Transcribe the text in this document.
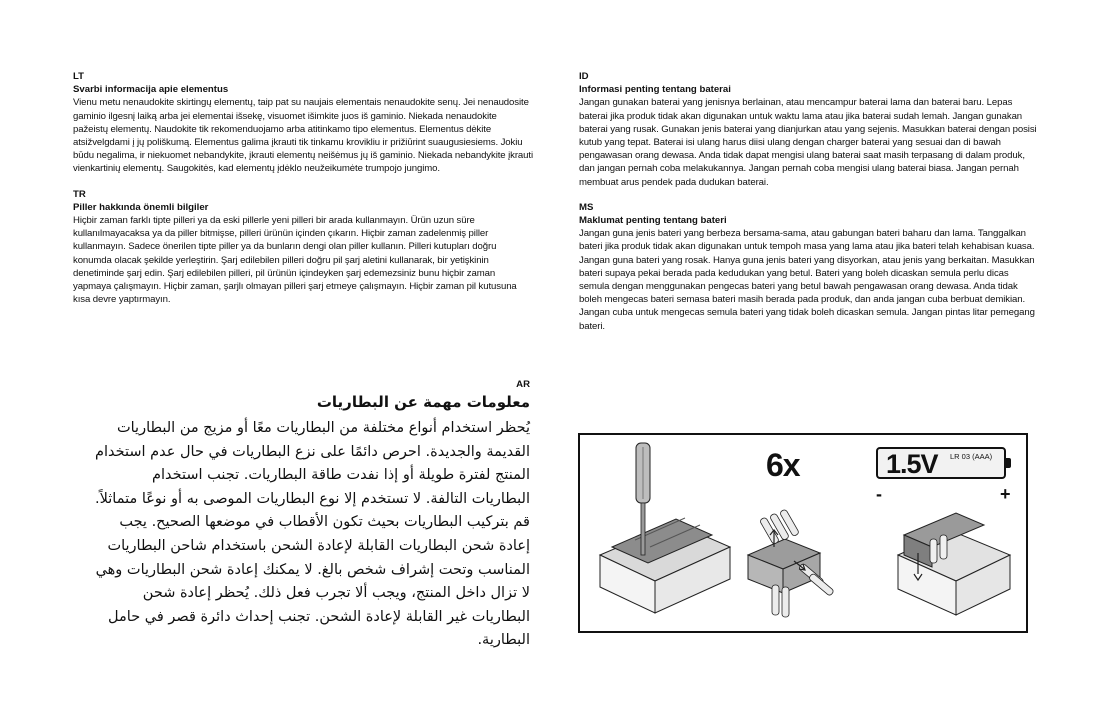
LT
Svarbi informacija apie elementus

Vienu metu nenaudokite skirtingų elementų, taip pat su naujais elementais nenaudokite senų. Jei nenaudosite gaminio ilgesnį laiką arba jei elementai išsekę, visuomet išimkite juos iš gaminio. Niekada nenaudokite pažeistų elementų. Naudokite tik rekomenduojamo arba atitinkamo tipo elementus. Elementus dėkite atsižvelgdami į jų poliškumą. Elementus galima įkrauti tik tinkamu krovikliu ir prižiūrint suaugusiesiems. Jokiu būdu negalima, ir niekuomet nebandykite, įkrauti elementų neišėmus jų iš gaminio. Niekada nebandykite įkrauti vienkartinių elementų. Saugokitės, kad elementų įdėklo neužeikumėte trumpojo jungimo.

TR
Piller hakkında önemli bilgiler

Hiçbir zaman farklı tipte pilleri ya da eski pillerle yeni pilleri bir arada kullanmayın. Ürün uzun süre kullanılmayacaksa ya da piller bitmişse, pilleri ürünün içinden çıkarın. Hiçbir zaman zadelenmiş piller kullanmayın. Sadece önerilen tipte piller ya da bunların dengi olan piller kullanın. Pilleri kutupları doğru konumda olacak şekilde yerleştirin. Şarj edilebilen pilleri doğru pil şarj aletini kullanarak, bir yetişkinin denetiminde şarj edin. Şarj edilebilen pilleri, pil ürünün içindeyken şarj edemezsiniz bunu hiçbir zaman yapmaya çalışmayın. Hiçbir zaman, şarjlı olmayan pilleri şarj etmeye çalışmayın. Hiçbir zaman pil kutusuna kısa devre yaptırmayın.

AR
معلومات مهمة عن البطاريات

يُحظر استخدام أنواع مختلفة من البطاريات معًا أو مزيج من البطاريات القديمة والجديدة. احرص دائمًا على نزع البطاريات في حال عدم استخدام المنتج لفترة طويلة أو إذا نفدت طاقة البطاريات. تجنب استخدام البطاريات التالفة. لا تستخدم إلا نوع البطاريات الموصى به أو نوعًا متماثلاً. قم بتركيب البطاريات بحيث تكون الأقطاب في موضعها الصحيح. يجب إعادة شحن البطاريات القابلة لإعادة الشحن باستخدام شاحن البطاريات المناسب وتحت إشراف شخص بالغ. لا يمكنك إعادة شحن البطاريات وهي لا تزال داخل المنتج، ويجب ألا تجرب فعل ذلك. يُحظر إعادة شحن البطاريات غير القابلة لإعادة الشحن. تجنب إحداث دائرة قصر في حامل البطارية.

ID
Informasi penting tentang baterai

Jangan gunakan baterai yang jenisnya berlainan, atau mencampur baterai lama dan baterai baru. Lepas baterai jika produk tidak akan digunakan untuk waktu lama atau jika baterai sudah lemah. Jangan gunakan baterai yang rusak. Gunakan jenis baterai yang dianjurkan atau yang sejenis. Masukkan baterai dengan posisi kutub yang tepat. Baterai isi ulang harus diisi ulang dengan charger baterai yang sesuai dan di bawah pengawasan orang dewasa. Anda tidak dapat mengisi ulang baterai saat masih terpasang di dalam produk, dan jangan pernah coba melakukannya. Jangan pernah coba mengisi ulang baterai biasa. Jangan pernah membuat arus pendek pada dudukan baterai.

MS
Maklumat penting tentang bateri

Jangan guna jenis bateri yang berbeza bersama-sama, atau gabungan bateri baharu dan lama. Tanggalkan bateri jika produk tidak akan digunakan untuk tempoh masa yang lama atau jika bateri telah kehabisan kuasa. Jangan guna bateri yang rosak. Hanya guna jenis bateri yang disyorkan, atau jenis yang berkaitan. Masukkan bateri supaya pekai berada pada kedudukan yang betul. Bateri yang boleh dicaskan semula perlu dicas semula dengan menggunakan pengecas bateri yang betul bawah pengawasan orang dewasa. Anda tidak boleh mengecas bateri semasa bateri masih berada pada produk, dan anda jangan cuba berbuat demikian. Jangan cuba untuk mengecas semula bateri yang tidak boleh dicaskan semula. Jangan pintas litar pemegang bateri.

6x	1.5V LR 03 (AAA)
-	+
